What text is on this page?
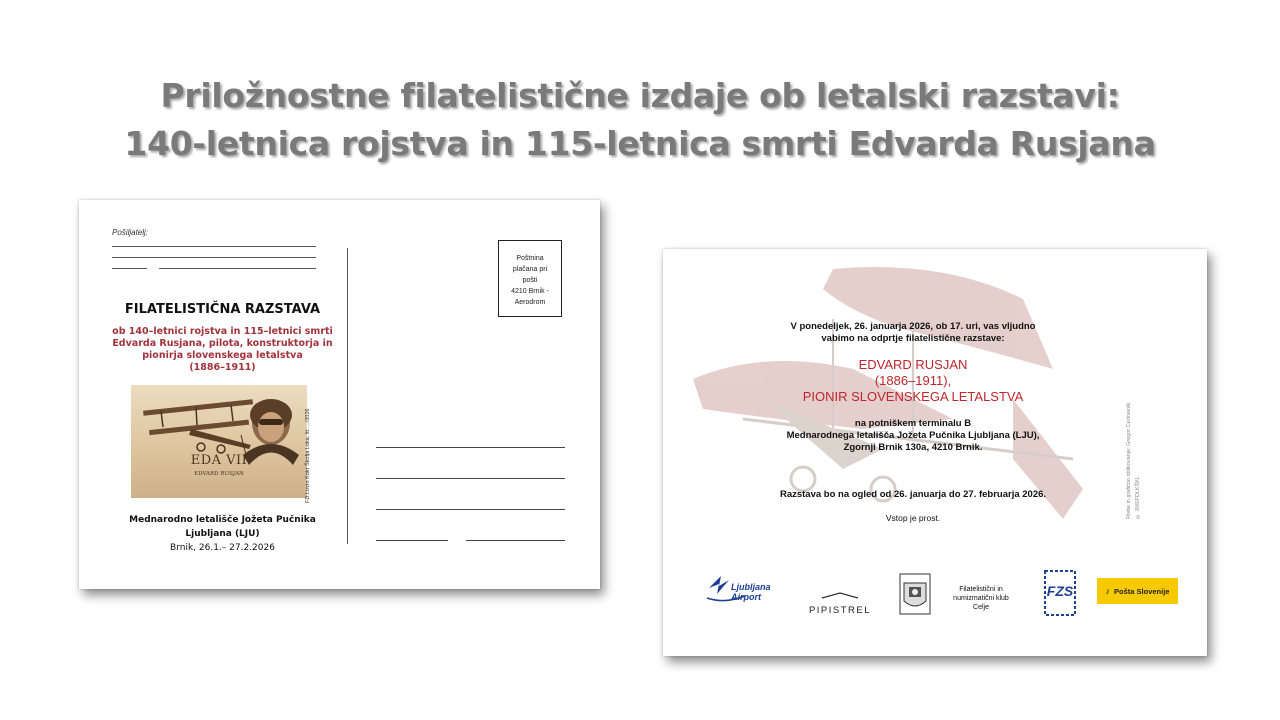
Priložnostne filatelistične izdaje ob letalski razstavi:
140-letnica rojstva in 115-letnica smrti Edvarda Rusjana
Pošiljatelj:
Poštnina
plačana pri
pošti
4210 Brnik -
Aerodrom
FILATELISTIČNA RAZSTAVA
ob 140–letnici rojstva in 115–letnici smrti
Edvarda Rusjana, pilota, konstruktorja in
pionirja slovenskega letalstva
(1886–1911)
EDA VII
EDVARD RUSJAN	FD Lovro Kokr Škofja Loka, št. .../2026
Mednarodno letališče Jožeta Pučnika
Ljubljana (LJU)
Brnik, 26.1.– 27.2.2026
V ponedeljek, 26. januarja 2026, ob 17. uri, vas vljudno
vabimo na odprtje filatelistične razstave:
EDVARD RUSJAN
(1886–1911),
PIONIR SLOVENSKEGA LETALSTVA
na potniškem terminalu B
Mednarodnega letališča Jožeta Pučnika Ljubljana (LJU),
Zgornji Brnik 130a, 4210 Brnik.
Razstava bo na ogled od 26. januarja do 27. februarja 2026.
Vstop je prost.	Risbe in grafično oblikovanje: Gregor Cerkvenik, © JMSFDLKŠKL
Ljubljana
Airport
PIPISTREL
Filatelistični in
numizmatični klub
Celje
FZS	♪ Pošta Slovenije
